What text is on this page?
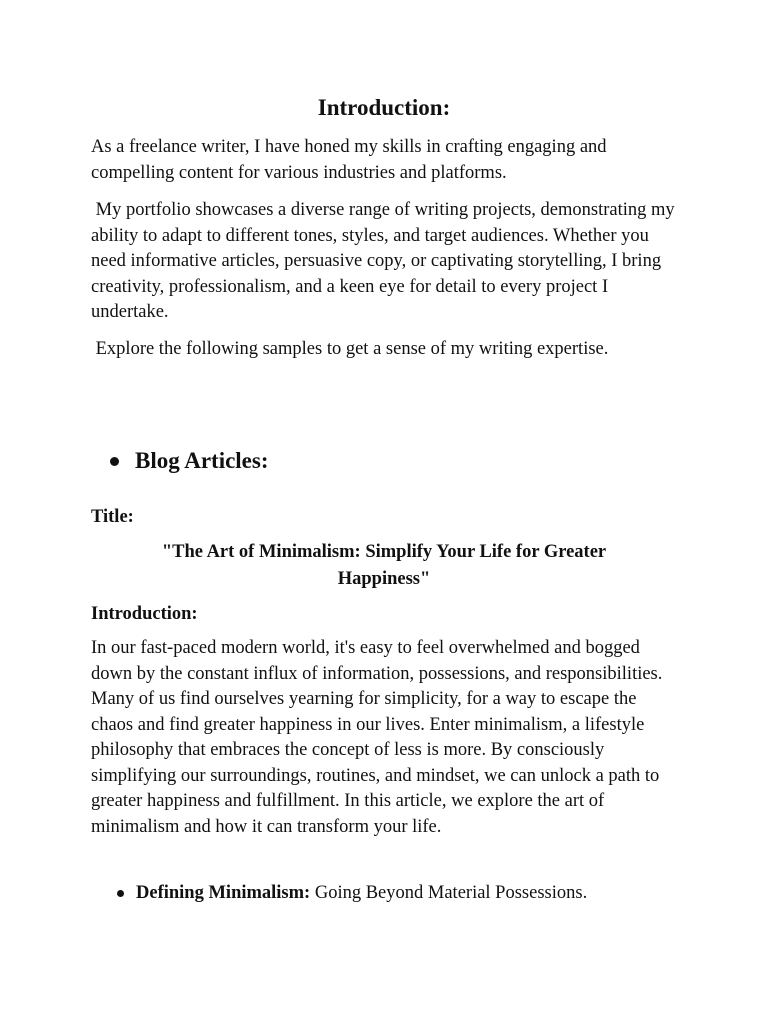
Introduction:

As a freelance writer, I have honed my skills in crafting engaging and compelling content for various industries and platforms.

My portfolio showcases a diverse range of writing projects, demonstrating my ability to adapt to different tones, styles, and target audiences. Whether you need informative articles, persuasive copy, or captivating storytelling, I bring creativity, professionalism, and a keen eye for detail to every project I undertake.

Explore the following samples to get a sense of my writing expertise.

Blog Articles:

Title:

"The Art of Minimalism: Simplify Your Life for Greater Happiness"

Introduction:

In our fast-paced modern world, it's easy to feel overwhelmed and bogged down by the constant influx of information, possessions, and responsibilities. Many of us find ourselves yearning for simplicity, for a way to escape the chaos and find greater happiness in our lives. Enter minimalism, a lifestyle philosophy that embraces the concept of less is more. By consciously simplifying our surroundings, routines, and mindset, we can unlock a path to greater happiness and fulfillment. In this article, we explore the art of minimalism and how it can transform your life.

Defining Minimalism: Going Beyond Material Possessions.
